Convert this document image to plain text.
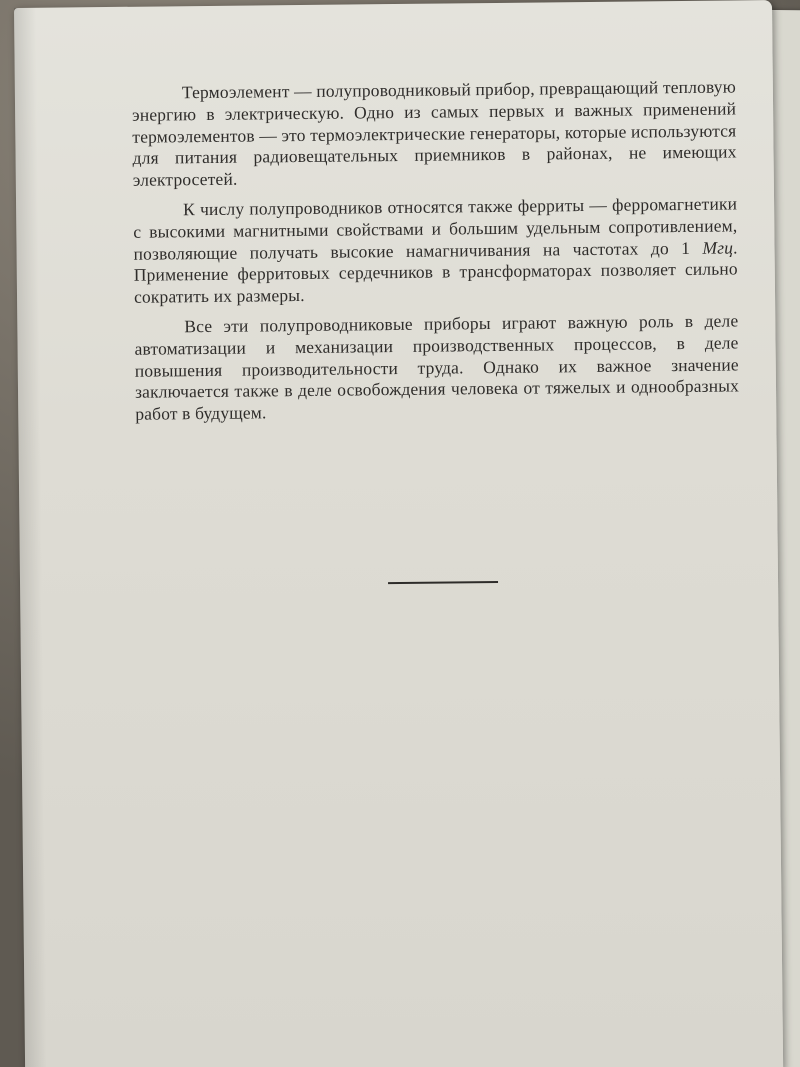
Термоэлемент — полупроводниковый прибор, превращающий тепловую энергию в электрическую. Одно из самых первых и важных применений термоэлементов — это термоэлектрические генераторы, которые используются для питания радиовещательных приемников в районах, не имеющих электросетей.

К числу полупроводников относятся также ферриты — ферромагнетики с высокими магнитными свойствами и большим удельным сопротивлением, позволяющие получать высокие намагничивания на частотах до 1 Мгц. Применение ферритовых сердечников в трансформаторах позволяет сильно сократить их размеры.

Все эти полупроводниковые приборы играют важную роль в деле автоматизации и механизации производственных процессов, в деле повышения производительности труда. Однако их важное значение заключается также в деле освобождения человека от тяжелых и однообразных работ в будущем.
